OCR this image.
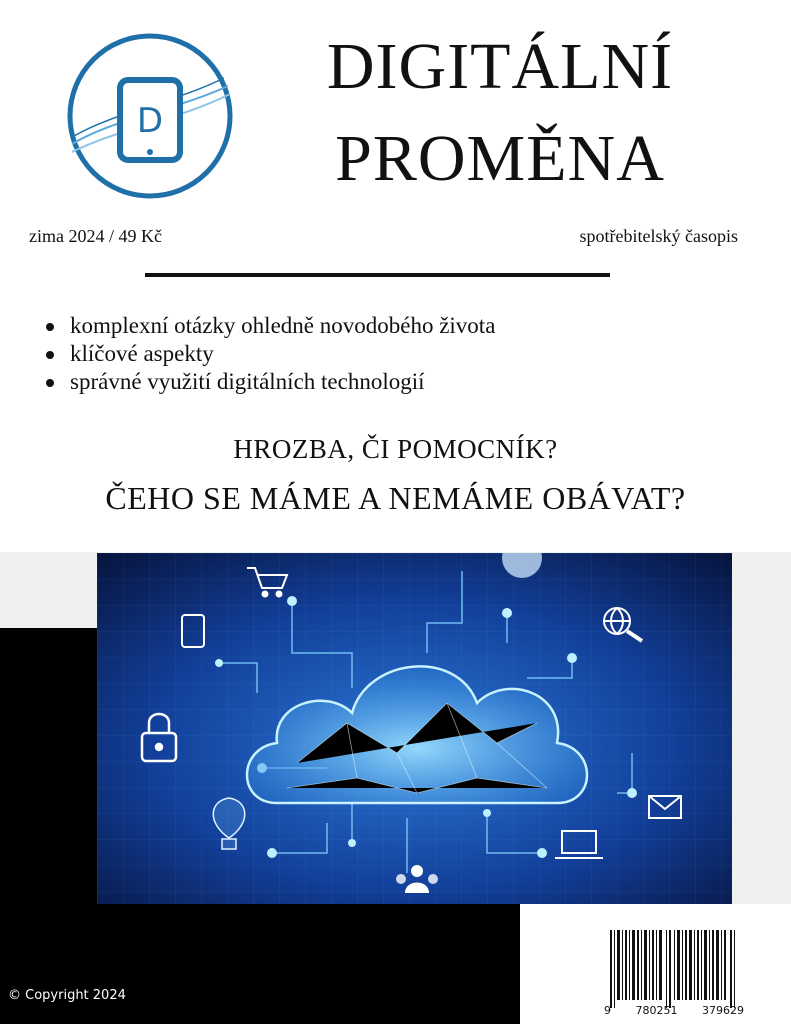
D
DIGITÁLNÍ
PROMĚNA
zima 2024 / 49 Kč	spotřebitelský časopis
komplexní otázky ohledně novodobého života
klíčové aspekty
správné využití digitálních technologií
HROZBA, ČI POMOCNÍK?
ČEHO SE MÁME A NEMÁME OBÁVAT?
© Copyright 2024
9 780251 379629
